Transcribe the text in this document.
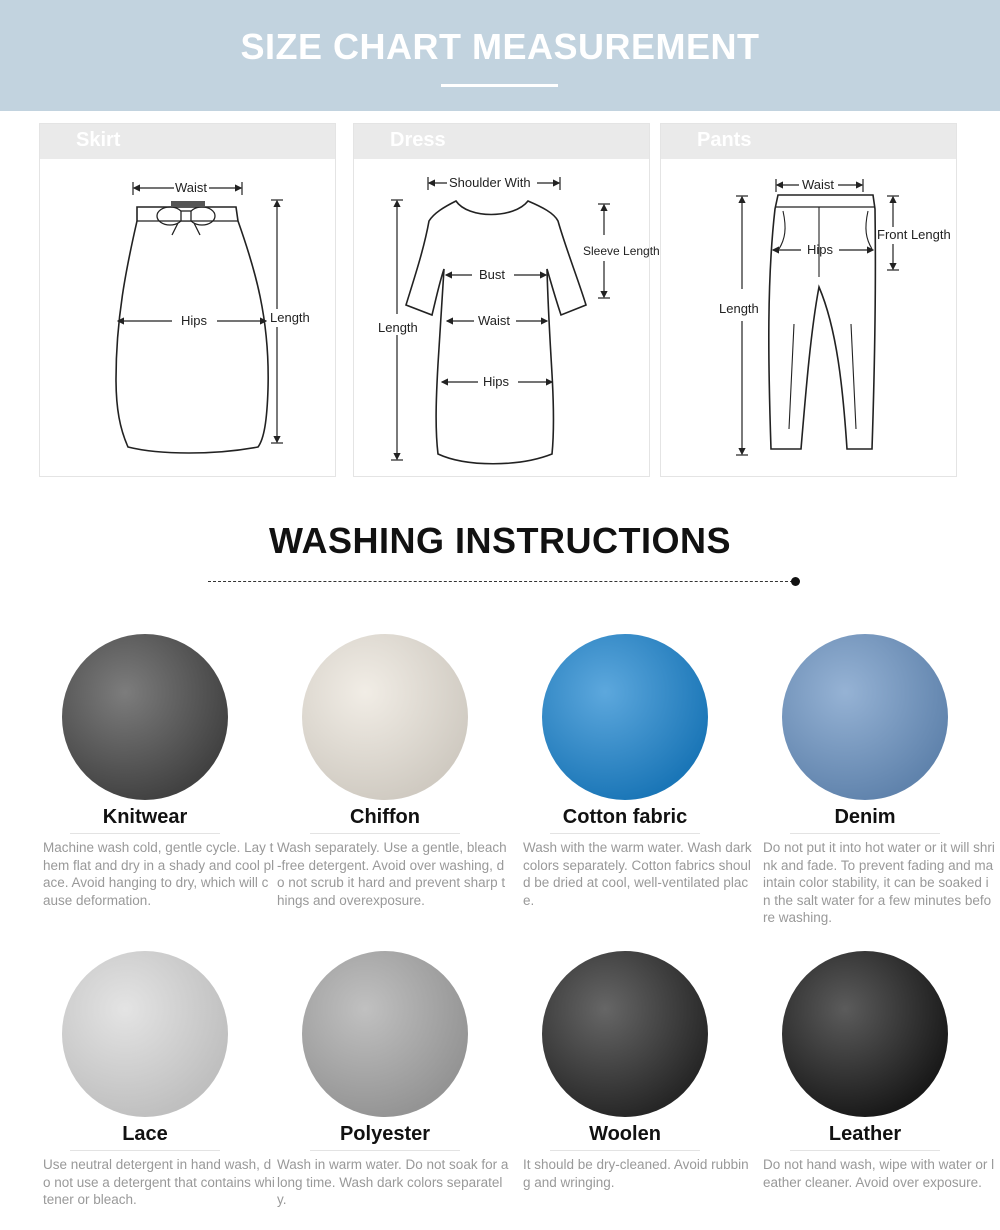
SIZE CHART MEASUREMENT
Skirt
Waist
Hips	Length
Dress
Shoulder With
Sleeve Length
Bust
Waist
Hips
Length
Pants
Waist
Hips
Front Length
Length
WASHING INSTRUCTIONS
Knitwear
Machine wash cold, gentle cycle. Lay them flat and dry in a shady and cool place. Avoid hanging to dry, which will cause deformation.
Chiffon
Wash separately. Use a gentle, bleach-free detergent. Avoid over washing, do not scrub it hard and prevent sharp things and overexposure.
Cotton fabric
Wash with the warm water. Wash dark colors separately. Cotton fabrics should be dried at cool, well-ventilated place.
Denim
Do not put it into hot water or it will shrink and fade. To prevent fading and maintain color stability, it can be soaked in the salt water for a few minutes before washing.
Lace
Use neutral detergent in hand wash, do not use a detergent that contains whitener or bleach.
Polyester
Wash in warm water. Do not soak for a long time. Wash dark colors separately.
Woolen
It should be dry-cleaned. Avoid rubbing and wringing.
Leather
Do not hand wash, wipe with water or leather cleaner. Avoid over exposure.
